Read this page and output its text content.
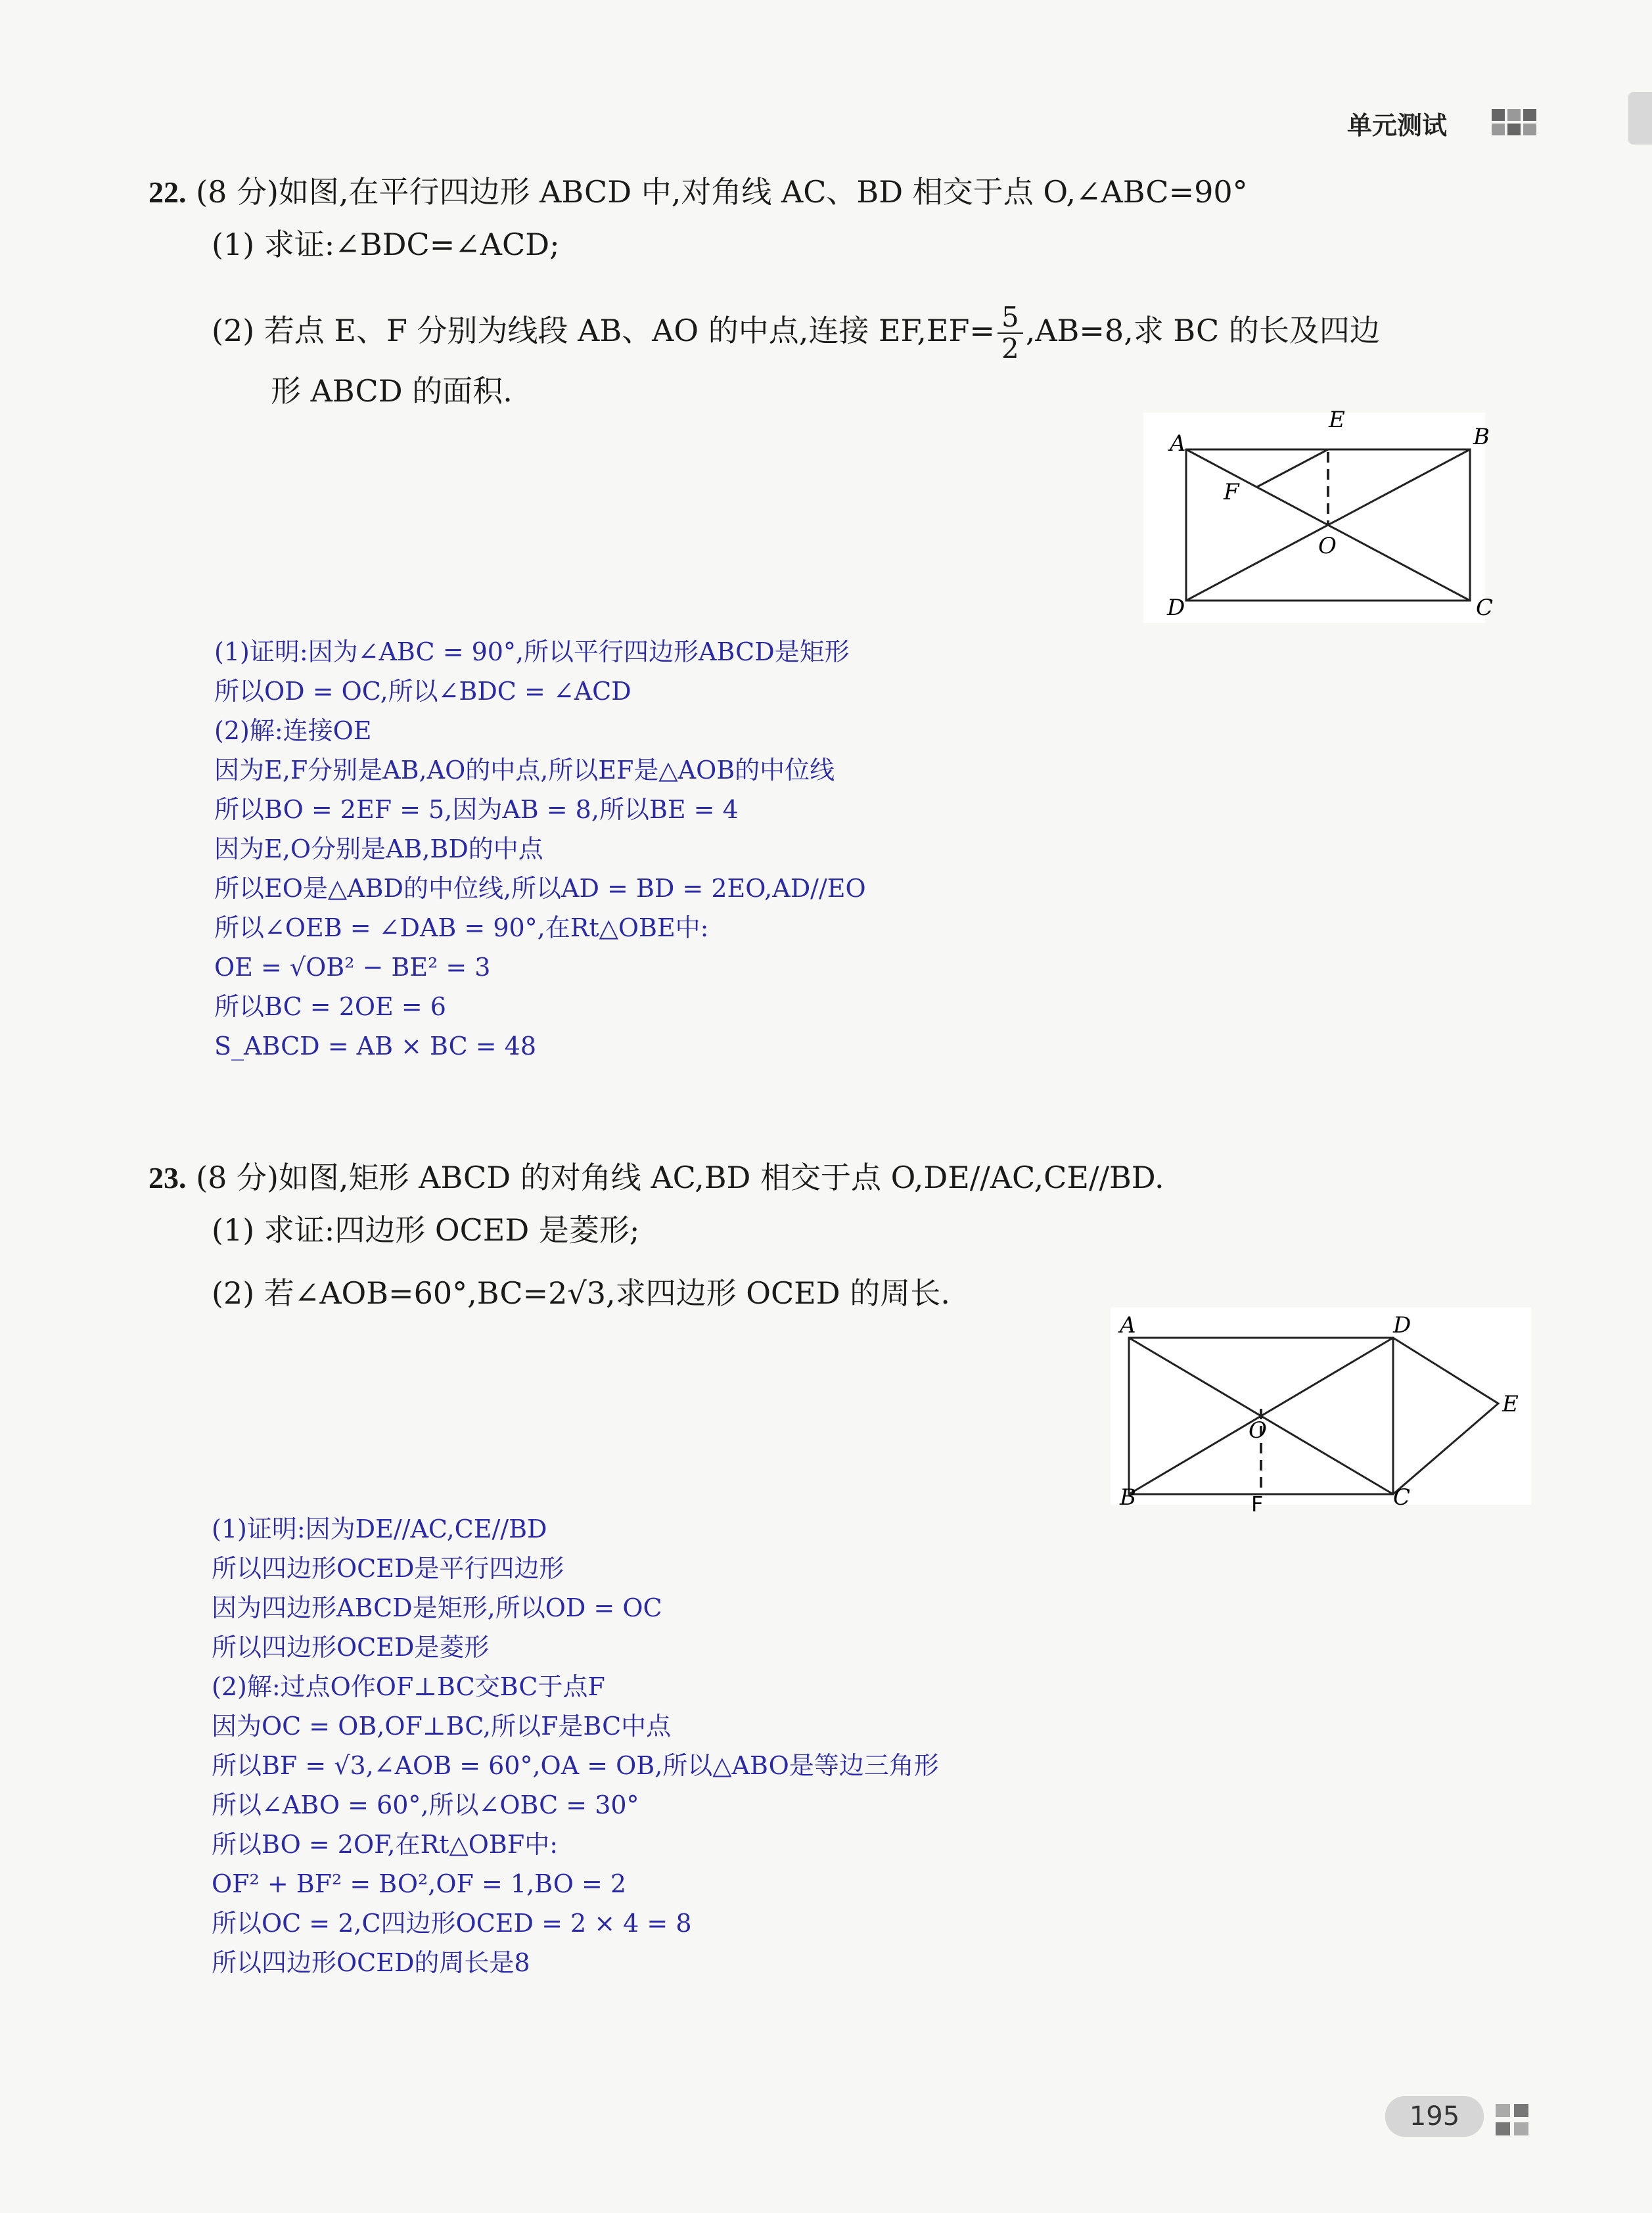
单元测试
22. (8 分)如图,在平行四边形 ABCD 中,对角线 AC、BD 相交于点 O,∠ABC=90°
(1) 求证:∠BDC=∠ACD;
(2) 若点 E、F 分别为线段 AB、AO 的中点,连接 $EF,EF= \frac{5}{2} ,AB=8$,求 BC 的长及四边
形 ABCD 的面积.
A
E
B
F
O
D	C
(1)证明:因为∠ABC = 90°,所以平行四边形ABCD是矩形
所以OD = OC,所以∠BDC = ∠ACD
(2)解:连接OE
因为E,F分别是AB,AO的中点,所以EF是△AOB的中位线
所以BO = 2EF = 5,因为AB = 8,所以BE = 4
因为E,O分别是AB,BD的中点
所以EO是△ABD的中位线,所以AD = BD = 2EO,AD//EO
所以∠OEB = ∠DAB = 90°,在Rt△OBE中:
OE = √OB² − BE² = 3
所以BC = 2OE = 6
S_ABCD = AB × BC = 48
23. (8 分)如图,矩形 ABCD 的对角线 AC,BD 相交于点 O,DE//AC,CE//BD.
(1) 求证:四边形 OCED 是菱形;
(2) 若∠AOB=60°,BC=2√3,求四边形 OCED 的周长.
A	D
E
O
B	C
F
(1)证明:因为DE//AC,CE//BD
所以四边形OCED是平行四边形
因为四边形ABCD是矩形,所以OD = OC
所以四边形OCED是菱形
(2)解:过点O作OF⊥BC交BC于点F
因为OC = OB,OF⊥BC,所以F是BC中点
所以BF = √3,∠AOB = 60°,OA = OB,所以△ABO是等边三角形
所以∠ABO = 60°,所以∠OBC = 30°
所以BO = 2OF,在Rt△OBF中:
OF² + BF² = BO²,OF = 1,BO = 2
所以OC = 2,C四边形OCED = 2 × 4 = 8
所以四边形OCED的周长是8
195
